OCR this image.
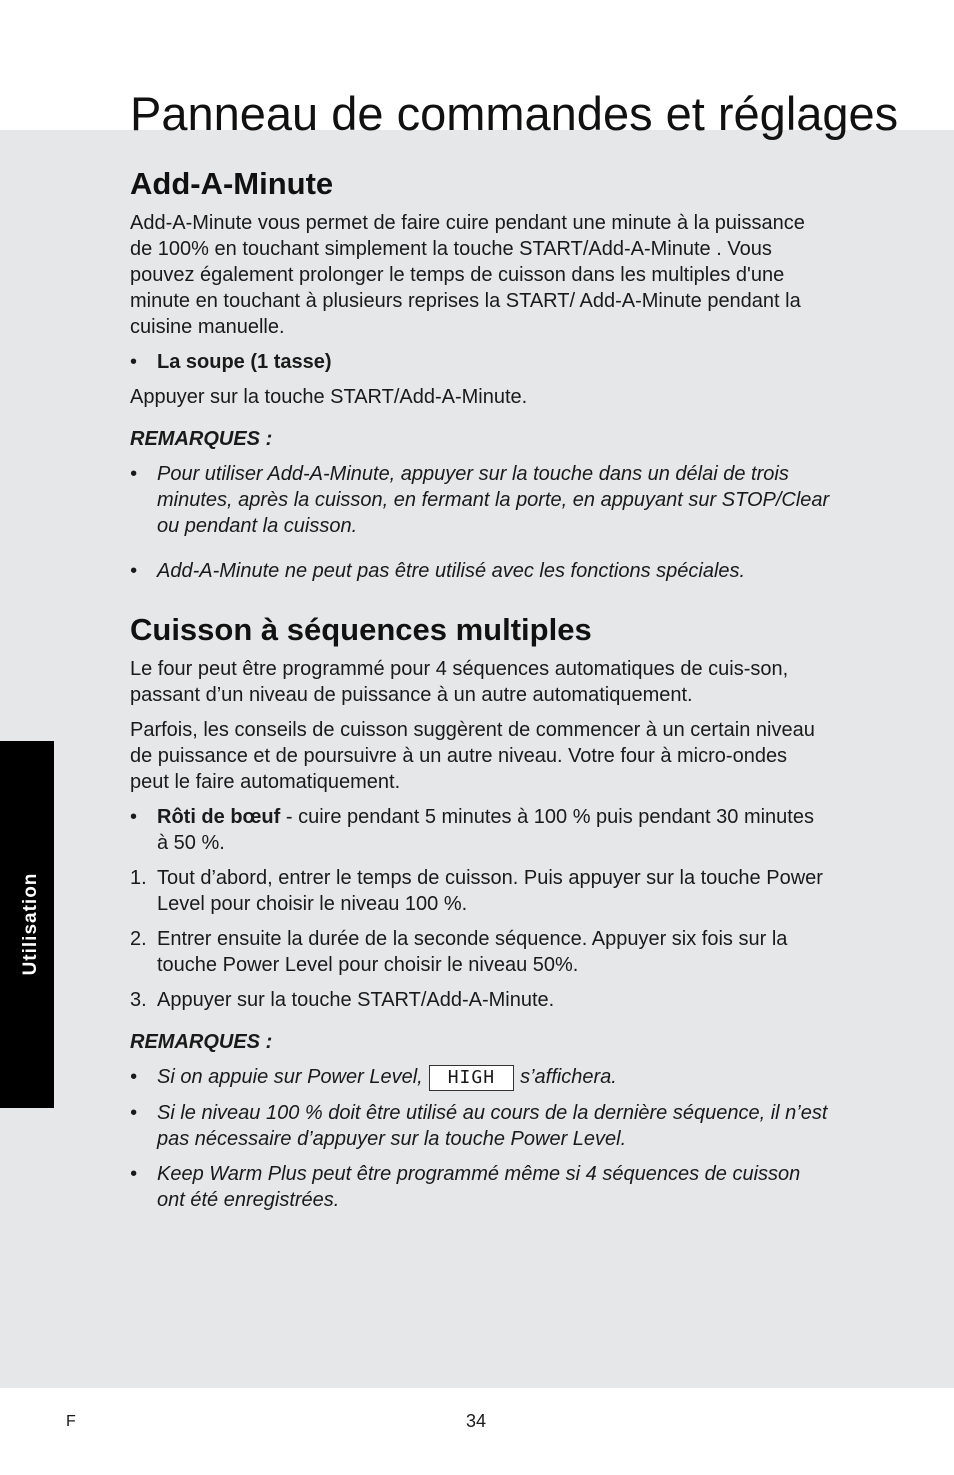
Utilisation
Panneau de commandes et réglages
Add-A-Minute

Add-A-Minute vous permet de faire cuire pendant une minute à la puissance de 100% en touchant simplement la touche START/Add-A-Minute . Vous pouvez également prolonger le temps de cuisson dans les multiples d'une minute en touchant à plusieurs reprises la START/ Add-A-Minute pendant la cuisine manuelle.

• La soupe (1 tasse)

Appuyer sur la touche START/Add-A-Minute.

REMARQUES :

• Pour utiliser Add-A-Minute, appuyer sur la touche dans un délai de trois minutes, après la cuisson, en fermant la porte, en appuyant sur STOP/Clear ou pendant la cuisson.
• Add-A-Minute ne peut pas être utilisé avec les fonctions spéciales.
Cuisson à séquences multiples

Le four peut être programmé pour 4 séquences automatiques de cuis-son, passant d’un niveau de puissance à un autre automatiquement.

Parfois, les conseils de cuisson suggèrent de commencer à un certain niveau de puissance et de poursuivre à un autre niveau. Votre four à micro-ondes peut le faire automatiquement.

• Rôti de bœuf - cuire pendant 5 minutes à 100 % puis pendant 30 minutes à 50 %.
1. Tout d’abord, entrer le temps de cuisson. Puis appuyer sur la touche Power Level pour choisir le niveau 100 %.
2. Entrer ensuite la durée de la seconde séquence. Appuyer six fois sur la touche Power Level pour choisir le niveau 50%.
3. Appuyer sur la touche START/Add-A-Minute.

REMARQUES :

• Si on appuie sur Power Level, HIGH s’affichera.
• Si le niveau 100 % doit être utilisé au cours de la dernière séquence, il n’est pas nécessaire d’appuyer sur la touche Power Level.
• Keep Warm Plus peut être programmé même si 4 séquences de cuisson ont été enregistrées.
F	34
